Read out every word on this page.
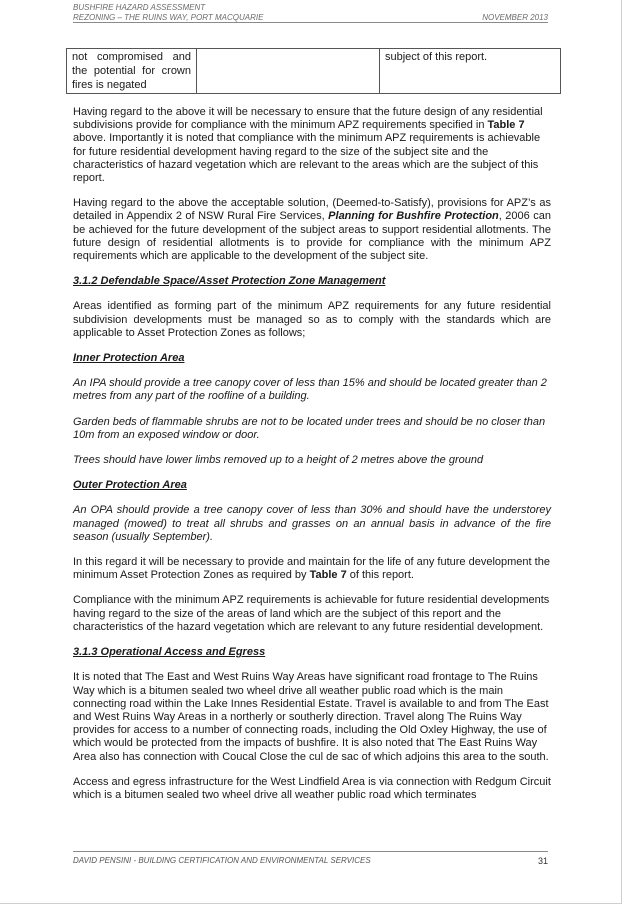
BUSHFIRE HAZARD ASSESSMENT
REZONING – THE RUINS WAY, PORT MACQUARIE	NOVEMBER 2013
not compromised and the potential for crown fires is negated		subject of this report.

Having regard to the above it will be necessary to ensure that the future design of any residential subdivisions provide for compliance with the minimum APZ requirements specified in Table 7 above. Importantly it is noted that compliance with the minimum APZ requirements is achievable for future residential development having regard to the size of the subject site and the characteristics of hazard vegetation which are relevant to the areas which are the subject of this report.

Having regard to the above the acceptable solution, (Deemed-to-Satisfy), provisions for APZ’s as detailed in Appendix 2 of NSW Rural Fire Services, Planning for Bushfire Protection, 2006 can be achieved for the future development of the subject areas to support residential allotments. The future design of residential allotments is to provide for compliance with the minimum APZ requirements which are applicable to the development of the subject site.

3.1.2 Defendable Space/Asset Protection Zone Management

Areas identified as forming part of the minimum APZ requirements for any future residential subdivision developments must be managed so as to comply with the standards which are applicable to Asset Protection Zones as follows;

Inner Protection Area

An IPA should provide a tree canopy cover of less than 15% and should be located greater than 2 metres from any part of the roofline of a building.

Garden beds of flammable shrubs are not to be located under trees and should be no closer than 10m from an exposed window or door.

Trees should have lower limbs removed up to a height of 2 metres above the ground

Outer Protection Area

An OPA should provide a tree canopy cover of less than 30% and should have the understorey managed (mowed) to treat all shrubs and grasses on an annual basis in advance of the fire season (usually September).

In this regard it will be necessary to provide and maintain for the life of any future development the minimum Asset Protection Zones as required by Table 7 of this report.

Compliance with the minimum APZ requirements is achievable for future residential developments having regard to the size of the areas of land which are the subject of this report and the characteristics of the hazard vegetation which are relevant to any future residential development.

3.1.3 Operational Access and Egress

It is noted that The East and West Ruins Way Areas have significant road frontage to The Ruins Way which is a bitumen sealed two wheel drive all weather public road which is the main connecting road within the Lake Innes Residential Estate. Travel is available to and from The East and West Ruins Way Areas in a northerly or southerly direction. Travel along The Ruins Way provides for access to a number of connecting roads, including the Old Oxley Highway, the use of which would be protected from the impacts of bushfire. It is also noted that The East Ruins Way Area also has connection with Coucal Close the cul de sac of which adjoins this area to the south.

Access and egress infrastructure for the West Lindfield Area is via connection with Redgum Circuit which is a bitumen sealed two wheel drive all weather public road which terminates

DAVID PENSINI - BUILDING CERTIFICATION AND ENVIRONMENTAL SERVICES	31
